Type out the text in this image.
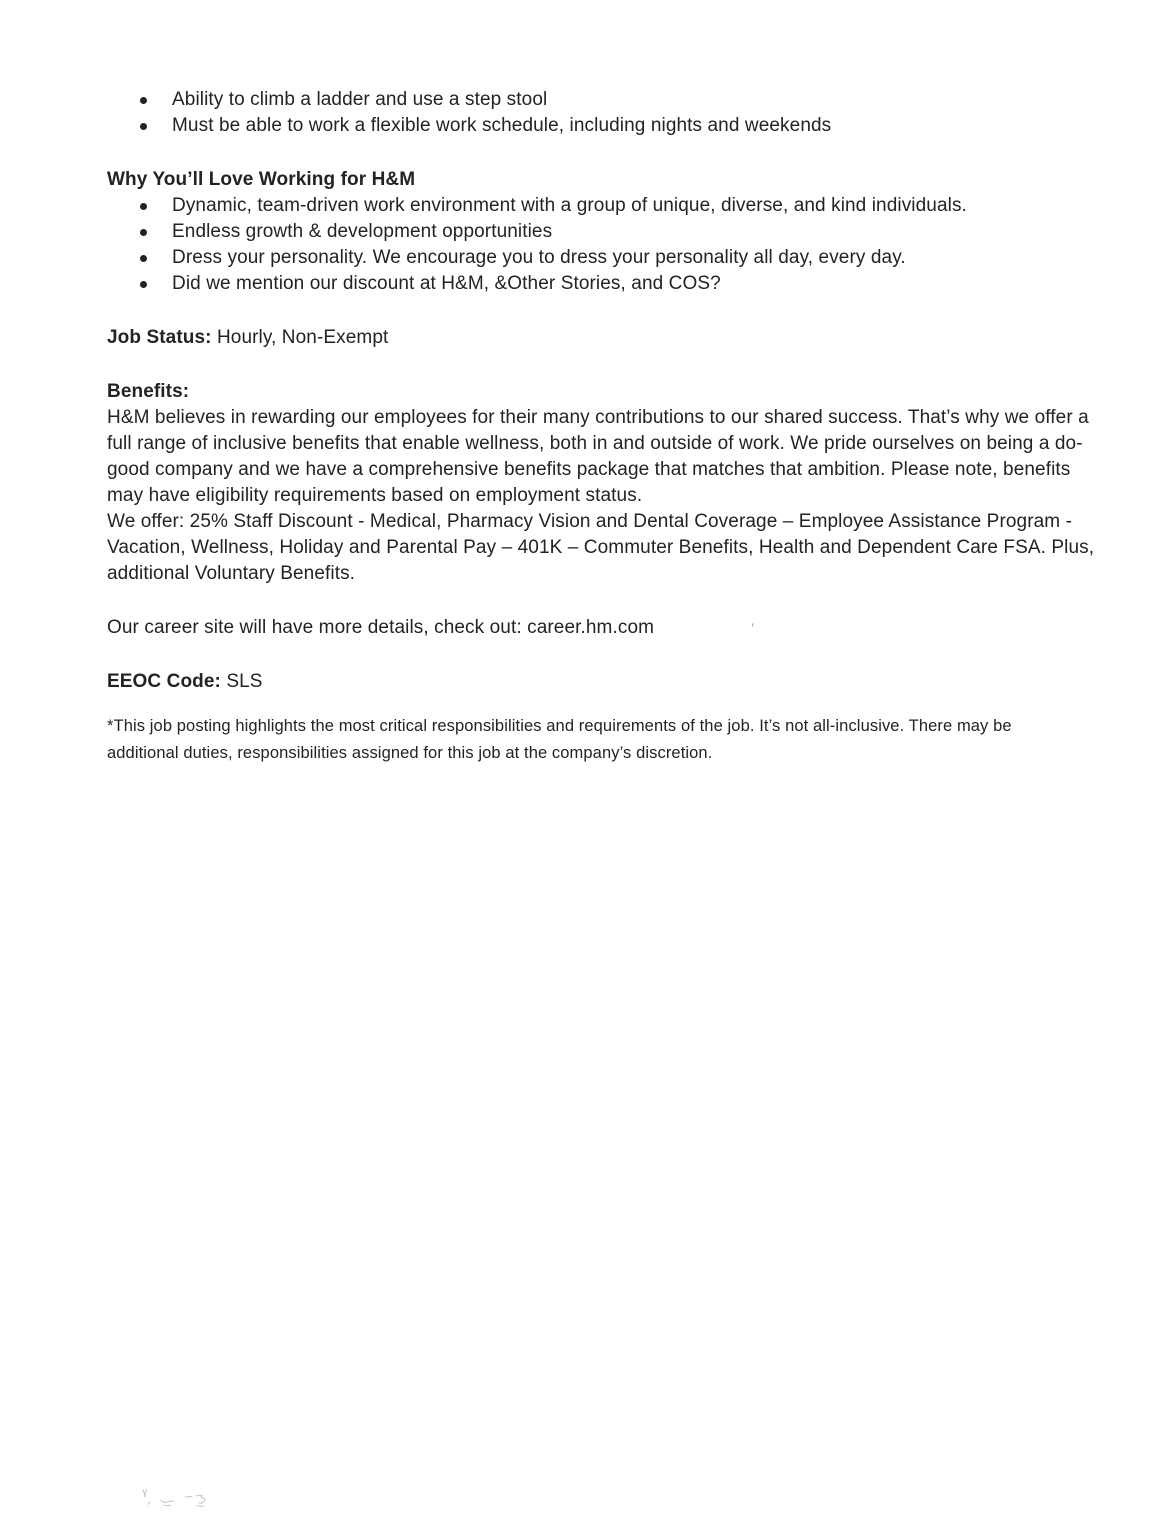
Ability to climb a ladder and use a step stool
Must be able to work a flexible work schedule, including nights and weekends
Why You’ll Love Working for H&M
Dynamic, team-driven work environment with a group of unique, diverse, and kind individuals.
Endless growth & development opportunities
Dress your personality. We encourage you to dress your personality all day, every day.
Did we mention our discount at H&M, &Other Stories, and COS?
Job Status: Hourly, Non-Exempt
Benefits:
H&M believes in rewarding our employees for their many contributions to our shared success. That’s why we offer a
full range of inclusive benefits that enable wellness, both in and outside of work. We pride ourselves on being a do-
good company and we have a comprehensive benefits package that matches that ambition. Please note, benefits
may have eligibility requirements based on employment status.
We offer: 25% Staff Discount - Medical, Pharmacy Vision and Dental Coverage – Employee Assistance Program -
Vacation, Wellness, Holiday and Parental Pay – 401K – Commuter Benefits, Health and Dependent Care FSA. Plus,
additional Voluntary Benefits.
Our career site will have more details, check out: career.hm.com
EEOC Code: SLS
*This job posting highlights the most critical responsibilities and requirements of the job. It’s not all-inclusive. There may be
additional duties, responsibilities assigned for this job at the company’s discretion.
’
